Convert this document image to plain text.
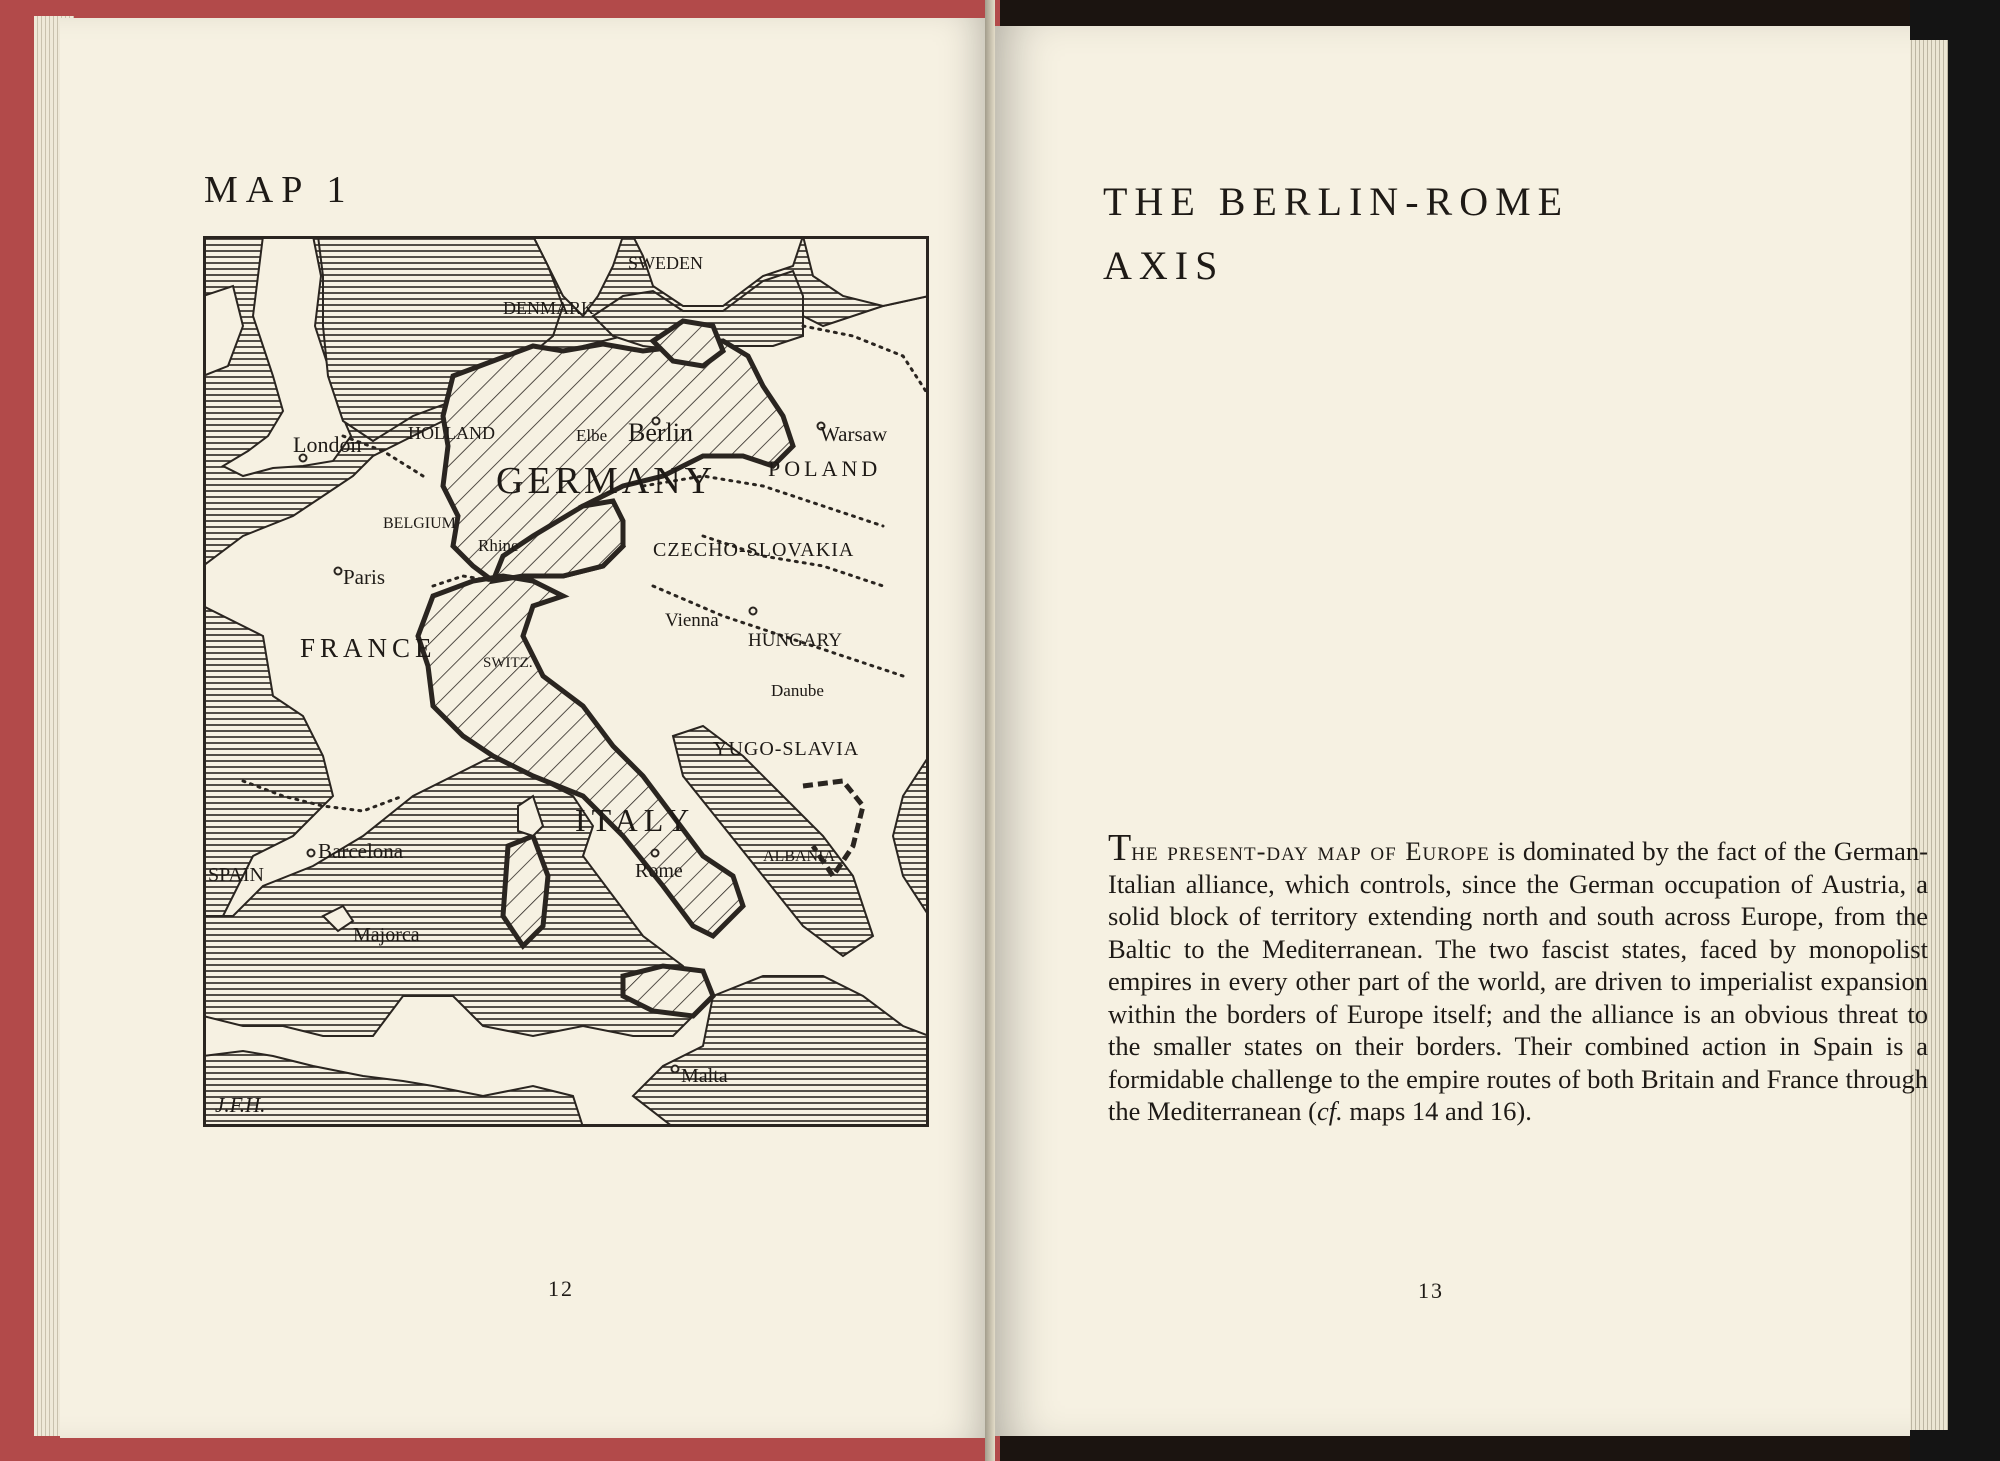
MAP 1
SWEDEN
DENMARK
HOLLAND
London	Berlin
Elbe	Warsaw
POLAND
GERMANY
BELGIUM
Rhine	CZECHO-SLOVAKIA
Paris
Vienna
HUNGARY
FRANCE	SWITZ.
Danube
YUGO-SLAVIA
ITALY
Barcelona
SPAIN
ALBANIA
Rome
Majorca
Malta
J.F.H.
12
THE BERLIN-ROME
AXIS
The present-day map of Europe is dominated by the fact of the German-Italian alliance, which controls, since the German occupation of Austria, a solid block of territory extending north and south across Europe, from the Baltic to the Mediterranean. The two fascist states, faced by monopolist empires in every other part of the world, are driven to imperialist expansion within the borders of Europe itself; and the alliance is an obvious threat to the smaller states on their borders. Their combined action in Spain is a formidable challenge to the empire routes of both Britain and France through the Mediterranean (cf. maps 14 and 16).
13
